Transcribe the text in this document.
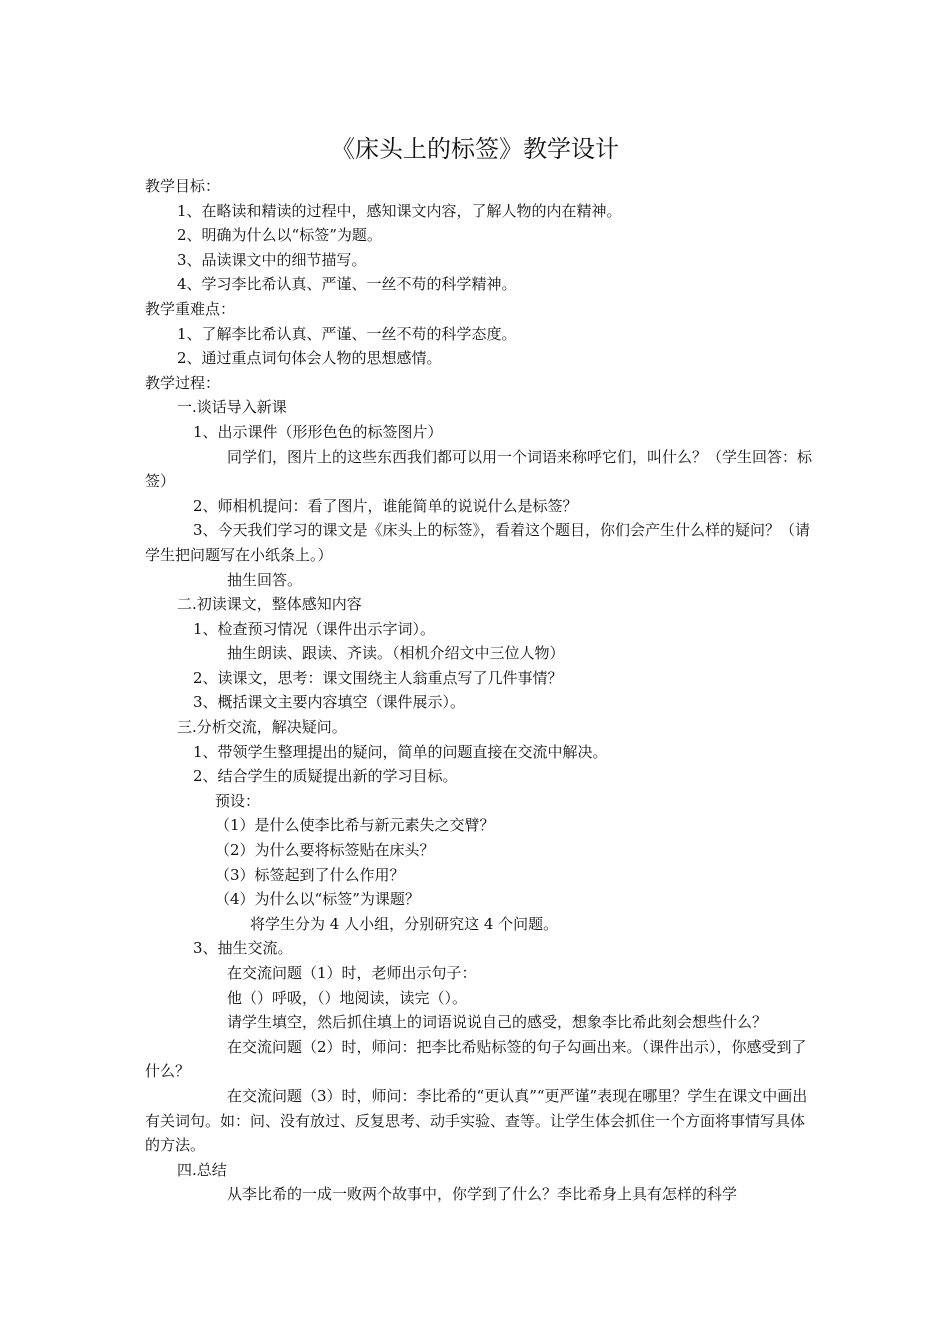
《床头上的标签》教学设计

教学目标：

1、在略读和精读的过程中，感知课文内容，了解人物的内在精神。

2、明确为什么以“标签”为题。

3、品读课文中的细节描写。

4、学习李比希认真、严谨、一丝不苟的科学精神。

教学重难点：

1、了解李比希认真、严谨、一丝不苟的科学态度。

2、通过重点词句体会人物的思想感情。

教学过程：

一.谈话导入新课

1、出示课件（形形色色的标签图片）

同学们，图片上的这些东西我们都可以用一个词语来称呼它们，叫什么？（学生回答：标签）

2、师相机提问：看了图片，谁能简单的说说什么是标签？

3、今天我们学习的课文是《床头上的标签》，看着这个题目，你们会产生什么样的疑问？（请学生把问题写在小纸条上。）

抽生回答。

二.初读课文，整体感知内容

1、检查预习情况（课件出示字词）。

抽生朗读、跟读、齐读。（相机介绍文中三位人物）

2、读课文，思考：课文围绕主人翁重点写了几件事情？

3、概括课文主要内容填空（课件展示）。

三.分析交流，解决疑问。

1、带领学生整理提出的疑问，简单的问题直接在交流中解决。

2、结合学生的质疑提出新的学习目标。

预设：

（1）是什么使李比希与新元素失之交臂？

（2）为什么要将标签贴在床头？

（3）标签起到了什么作用？

（4）为什么以“标签”为课题？

将学生分为 4 人小组，分别研究这 4 个问题。

3、抽生交流。

在交流问题（1）时，老师出示句子：

他（）呼吸，（）地阅读，读完（）。

请学生填空，然后抓住填上的词语说说自己的感受，想象李比希此刻会想些什么？

在交流问题（2）时，师问：把李比希贴标签的句子勾画出来。（课件出示），你感受到了什么？

在交流问题（3）时，师问：李比希的“更认真”“更严谨”表现在哪里？学生在课文中画出有关词句。如：问、没有放过、反复思考、动手实验、查等。让学生体会抓住一个方面将事情写具体的方法。

四.总结

从李比希的一成一败两个故事中，你学到了什么？李比希身上具有怎样的科学
